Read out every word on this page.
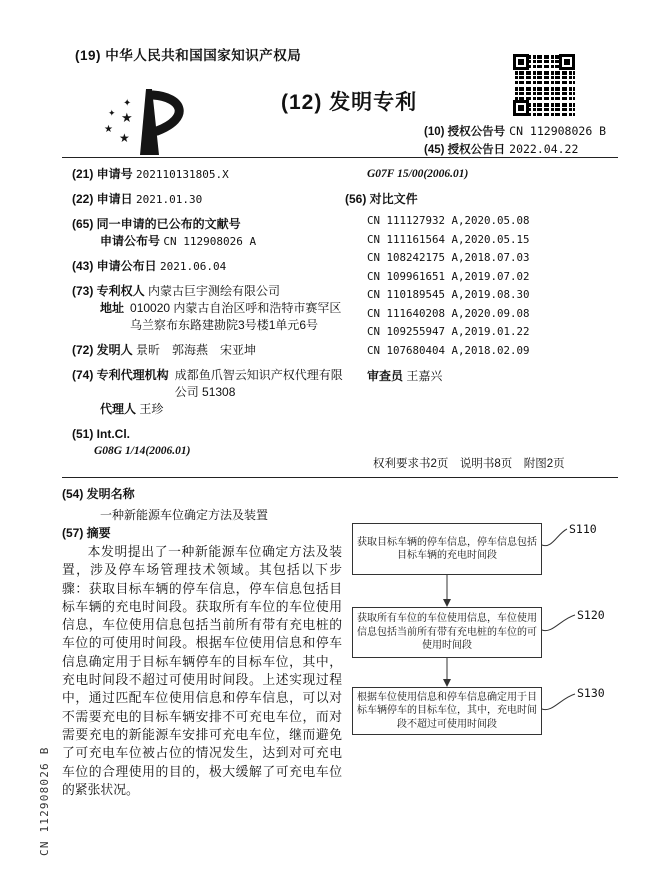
(19) 中华人民共和国国家知识产权局
✦
✦ ★
★
★
(12) 发明专利
(10) 授权公告号 CN 112908026 B
(45) 授权公告日 2022.04.22
(21) 申请号 202110131805.X
(22) 申请日 2021.01.30
(65) 同一申请的已公布的文献号
申请公布号 CN 112908026 A
(43) 申请公布日 2021.06.04
(73) 专利权人 内蒙古巨宇测绘有限公司
地址 010020 内蒙古自治区呼和浩特市赛罕区乌兰察布东路建勘院3号楼1单元6号
(72) 发明人 景昕　郭海燕　宋亚坤
(74) 专利代理机构 成都鱼爪智云知识产权代理有限公司 51308
代理人 王珍
(51) Int.Cl.
G08G 1/14(2006.01)
G07F 15/00(2006.01)
(56) 对比文件
CN 111127932 A,2020.05.08
CN 111161564 A,2020.05.15
CN 108242175 A,2018.07.03
CN 109961651 A,2019.07.02
CN 110189545 A,2019.08.30
CN 111640208 A,2020.09.08
CN 109255947 A,2019.01.22
CN 107680404 A,2018.02.09
审查员 王嘉兴
权利要求书2页　说明书8页　附图2页
(54) 发明名称
一种新能源车位确定方法及装置
(57) 摘要
本发明提出了一种新能源车位确定方法及装置，涉及停车场管理技术领域。其包括以下步骤：获取目标车辆的停车信息，停车信息包括目标车辆的充电时间段。获取所有车位的车位使用信息，车位使用信息包括当前所有带有充电桩的车位的可使用时间段。根据车位使用信息和停车信息确定用于目标车辆停车的目标车位，其中，充电时间段不超过可使用时间段。上述实现过程中，通过匹配车位使用信息和停车信息，可以对不需要充电的目标车辆安排不可充电车位，而对需要充电的新能源车安排可充电车位，继而避免了可充电车位被占位的情况发生，达到对可充电车位的合理使用的目的，极大缓解了可充电车位的紧张状况。
获取目标车辆的停车信息，停车信息包括目标车辆的充电时间段
S110
获取所有车位的车位使用信息，车位使用信息包括当前所有带有充电桩的车位的可使用时间段
S120
根据车位使用信息和停车信息确定用于目标车辆停车的目标车位，其中，充电时间段不超过可使用时间段
S130
CN 112908026 B
